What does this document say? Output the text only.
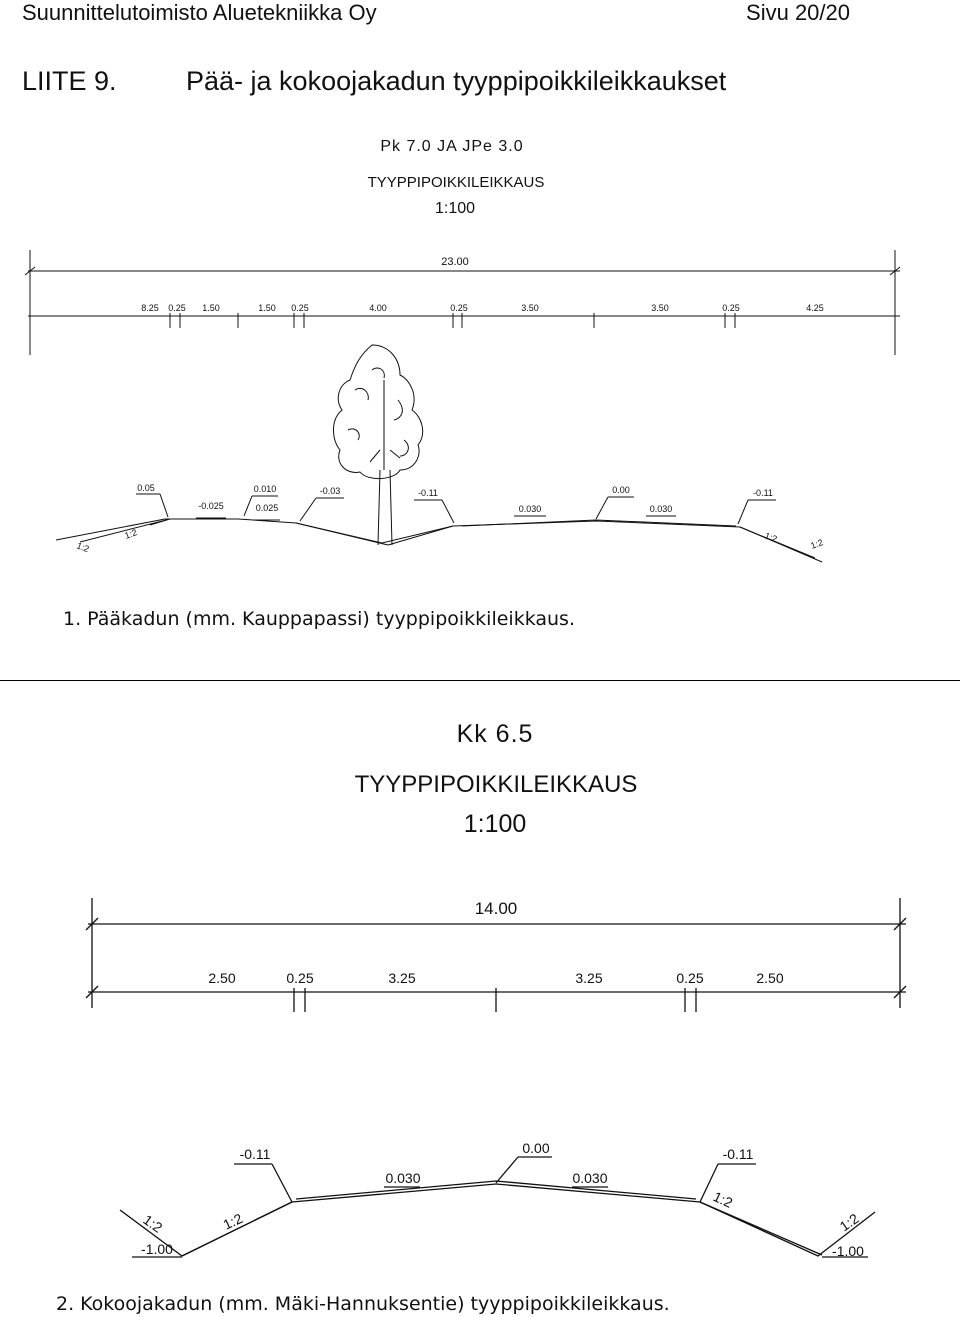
Suunnittelutoimisto Aluetekniikka Oy	Sivu 20/20
LIITE 9.	Pää- ja kokoojakadun tyyppipoikkileikkaukset
Pk 7.0 JA JPe 3.0
TYYPPIPOIKKILEIKKAUS
1:100
23.00
8.25 0.25 1.50	1.50 0.25	4.00	0.25	3.50	3.50	0.25	4.25
0.05
-0.025
0.010
0.025
-0.03	-0.11
0.030
0.00
0.030
-0.11
1:2
1:2	1:2	1:2
1. Pääkadun (mm. Kauppapassi) tyyppipoikkileikkaus.
Kk 6.5
TYYPPIPOIKKILEIKKAUS
1:100
14.00
2.50	0.25	3.25	3.25	0.25	2.50
-0.11
0.030
0.00
0.030
-0.11
-1.00	-1.00
1:2	1:2
1:2
1:2
2. Kokoojakadun (mm. Mäki-Hannuksentie) tyyppipoikkileikkaus.
